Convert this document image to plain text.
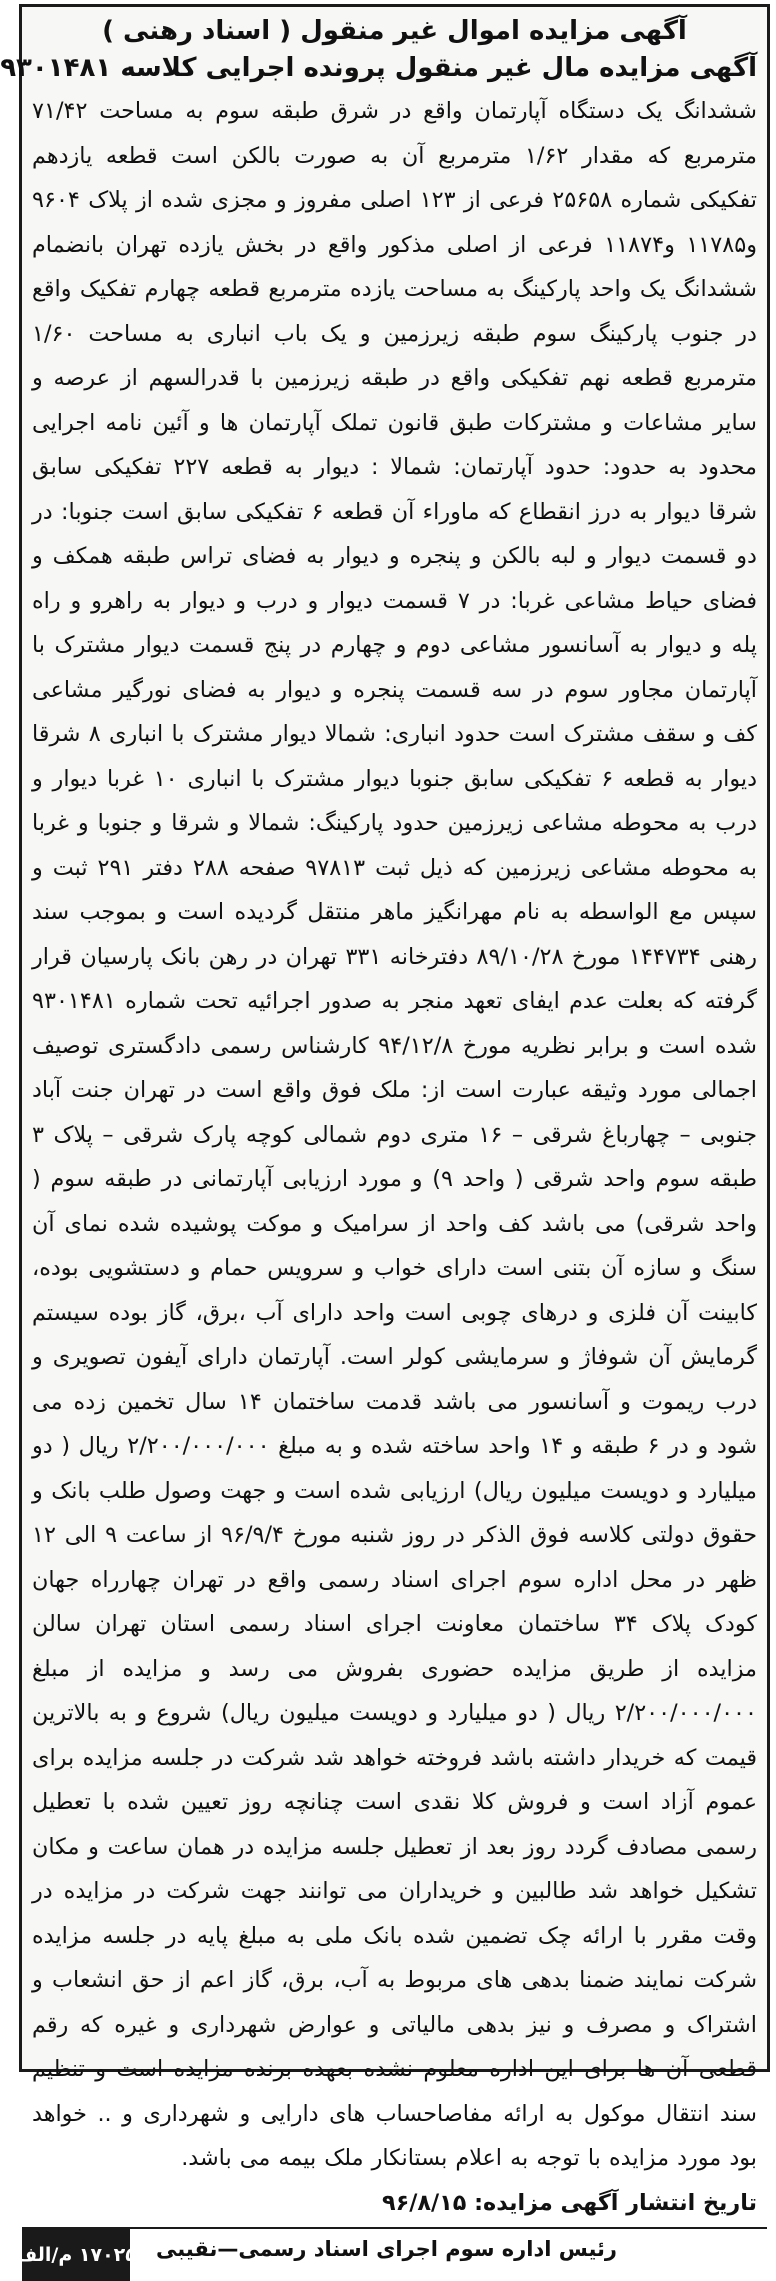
آگهی مزایده اموال غیر منقول ( اسناد رهنی )
آگهی مزایده مال غیر منقول پرونده اجرایی کلاسه ۹۳۰۱۴۸۱

ششدانگ یک دستگاه آپارتمان واقع در شرق طبقه سوم به مساحت ۷۱/۴۲ مترمربع که مقدار ۱/۶۲ مترمربع آن به صورت بالکن است قطعه یازدهم تفکیکی شماره ۲۵۶۵۸ فرعی از ۱۲۳ اصلی مفروز و مجزی شده از پلاک ۹۶۰۴ و۱۱۷۸۵ و۱۱۸۷۴ فرعی از اصلی مذکور واقع در بخش یازده تهران بانضمام ششدانگ یک واحد پارکینگ به مساحت یازده مترمربع قطعه چهارم تفکیک واقع در جنوب پارکینگ سوم طبقه زیرزمین و یک باب انباری به مساحت ۱/۶۰ مترمربع قطعه نهم تفکیکی واقع در طبقه زیرزمین با قدرالسهم از عرصه و سایر مشاعات و مشترکات طبق قانون تملک آپارتمان ها و آئین نامه اجرایی محدود به حدود: حدود آپارتمان: شمالا : دیوار به قطعه ۲۲۷ تفکیکی سابق شرقا دیوار به درز انقطاع که ماوراء آن قطعه ۶ تفکیکی سابق است جنوبا: در دو قسمت دیوار و لبه بالکن و پنجره و دیوار به فضای تراس طبقه همکف و فضای حیاط مشاعی غربا: در ۷ قسمت دیوار و درب و دیوار به راهرو و راه پله و دیوار به آسانسور مشاعی دوم و چهارم در پنج قسمت دیوار مشترک با آپارتمان مجاور سوم در سه قسمت پنجره و دیوار به فضای نورگیر مشاعی کف و سقف مشترک است حدود انباری: شمالا دیوار مشترک با انباری ۸ شرقا دیوار به قطعه ۶ تفکیکی سابق جنوبا دیوار مشترک با انباری ۱۰ غربا دیوار و درب به محوطه مشاعی زیرزمین حدود پارکینگ: شمالا و شرقا و جنوبا و غربا به محوطه مشاعی زیرزمین که ذیل ثبت ۹۷۸۱۳ صفحه ۲۸۸ دفتر ۲۹۱ ثبت و سپس مع الواسطه به نام مهرانگیز ماهر منتقل گردیده است و بموجب سند رهنی ۱۴۴۷۳۴ مورخ ۸۹/۱۰/۲۸ دفترخانه ۳۳۱ تهران در رهن بانک پارسیان قرار گرفته که بعلت عدم ایفای تعهد منجر به صدور اجرائیه تحت شماره ۹۳۰۱۴۸۱ شده است و برابر نظریه مورخ ۹۴/۱۲/۸ کارشناس رسمی دادگستری توصیف اجمالی مورد وثیقه عبارت است از: ملک فوق واقع است در تهران جنت آباد جنوبی – چهارباغ شرقی – ۱۶ متری دوم شمالی کوچه پارک شرقی – پلاک ۳ طبقه سوم واحد شرقی ( واحد ۹) و مورد ارزیابی آپارتمانی در طبقه سوم ( واحد شرقی) می باشد کف واحد از سرامیک و موکت پوشیده شده نمای آن سنگ و سازه آن بتنی است دارای خواب و سرویس حمام و دستشویی بوده، کابینت آن فلزی و درهای چوبی است واحد دارای آب ،برق، گاز بوده سیستم گرمایش آن شوفاژ و سرمایشی کولر است. آپارتمان دارای آیفون تصویری و درب ریموت و آسانسور می باشد قدمت ساختمان ۱۴ سال تخمین زده می شود و در ۶ طبقه و ۱۴ واحد ساخته شده و به مبلغ ۲/۲۰۰/۰۰۰/۰۰۰ ریال ( دو میلیارد و دویست میلیون ریال) ارزیابی شده است و جهت وصول طلب بانک و حقوق دولتی کلاسه فوق الذکر در روز شنبه مورخ ۹۶/۹/۴ از ساعت ۹ الی ۱۲ ظهر در محل اداره سوم اجرای اسناد رسمی واقع در تهران چهارراه جهان کودک پلاک ۳۴ ساختمان معاونت اجرای اسناد رسمی استان تهران سالن مزایده از طریق مزایده حضوری بفروش می رسد و مزایده از مبلغ ۲/۲۰۰/۰۰۰/۰۰۰ ریال ( دو میلیارد و دویست میلیون ریال) شروع و به بالاترین قیمت که خریدار داشته باشد فروخته خواهد شد شرکت در جلسه مزایده برای عموم آزاد است و فروش کلا نقدی است چنانچه روز تعیین شده با تعطیل رسمی مصادف گردد روز بعد از تعطیل جلسه مزایده در همان ساعت و مکان تشکیل خواهد شد طالبین و خریداران می توانند جهت شرکت در مزایده در وقت مقرر با ارائه چک تضمین شده بانک ملی به مبلغ پایه در جلسه مزایده شرکت نمایند ضمنا بدهی های مربوط به آب، برق، گاز اعم از حق انشعاب و اشتراک و مصرف و نیز بدهی مالیاتی و عوارض شهرداری و غیره که رقم قطعی آن ها برای این اداره معلوم نشده بعهده برنده مزایده است و تنظیم سند انتقال موکول به ارائه مفاصاحساب های دارایی و شهرداری و .. خواهد بود مورد مزایده با توجه به اعلام بستانکار ملک بیمه می باشد.

تاریخ انتشار آگهی مزایده: ۹۶/۸/۱۵

رئیس اداره سوم اجرای اسناد رسمی—نقیبی
۱۷۰۲۵ م/الف
